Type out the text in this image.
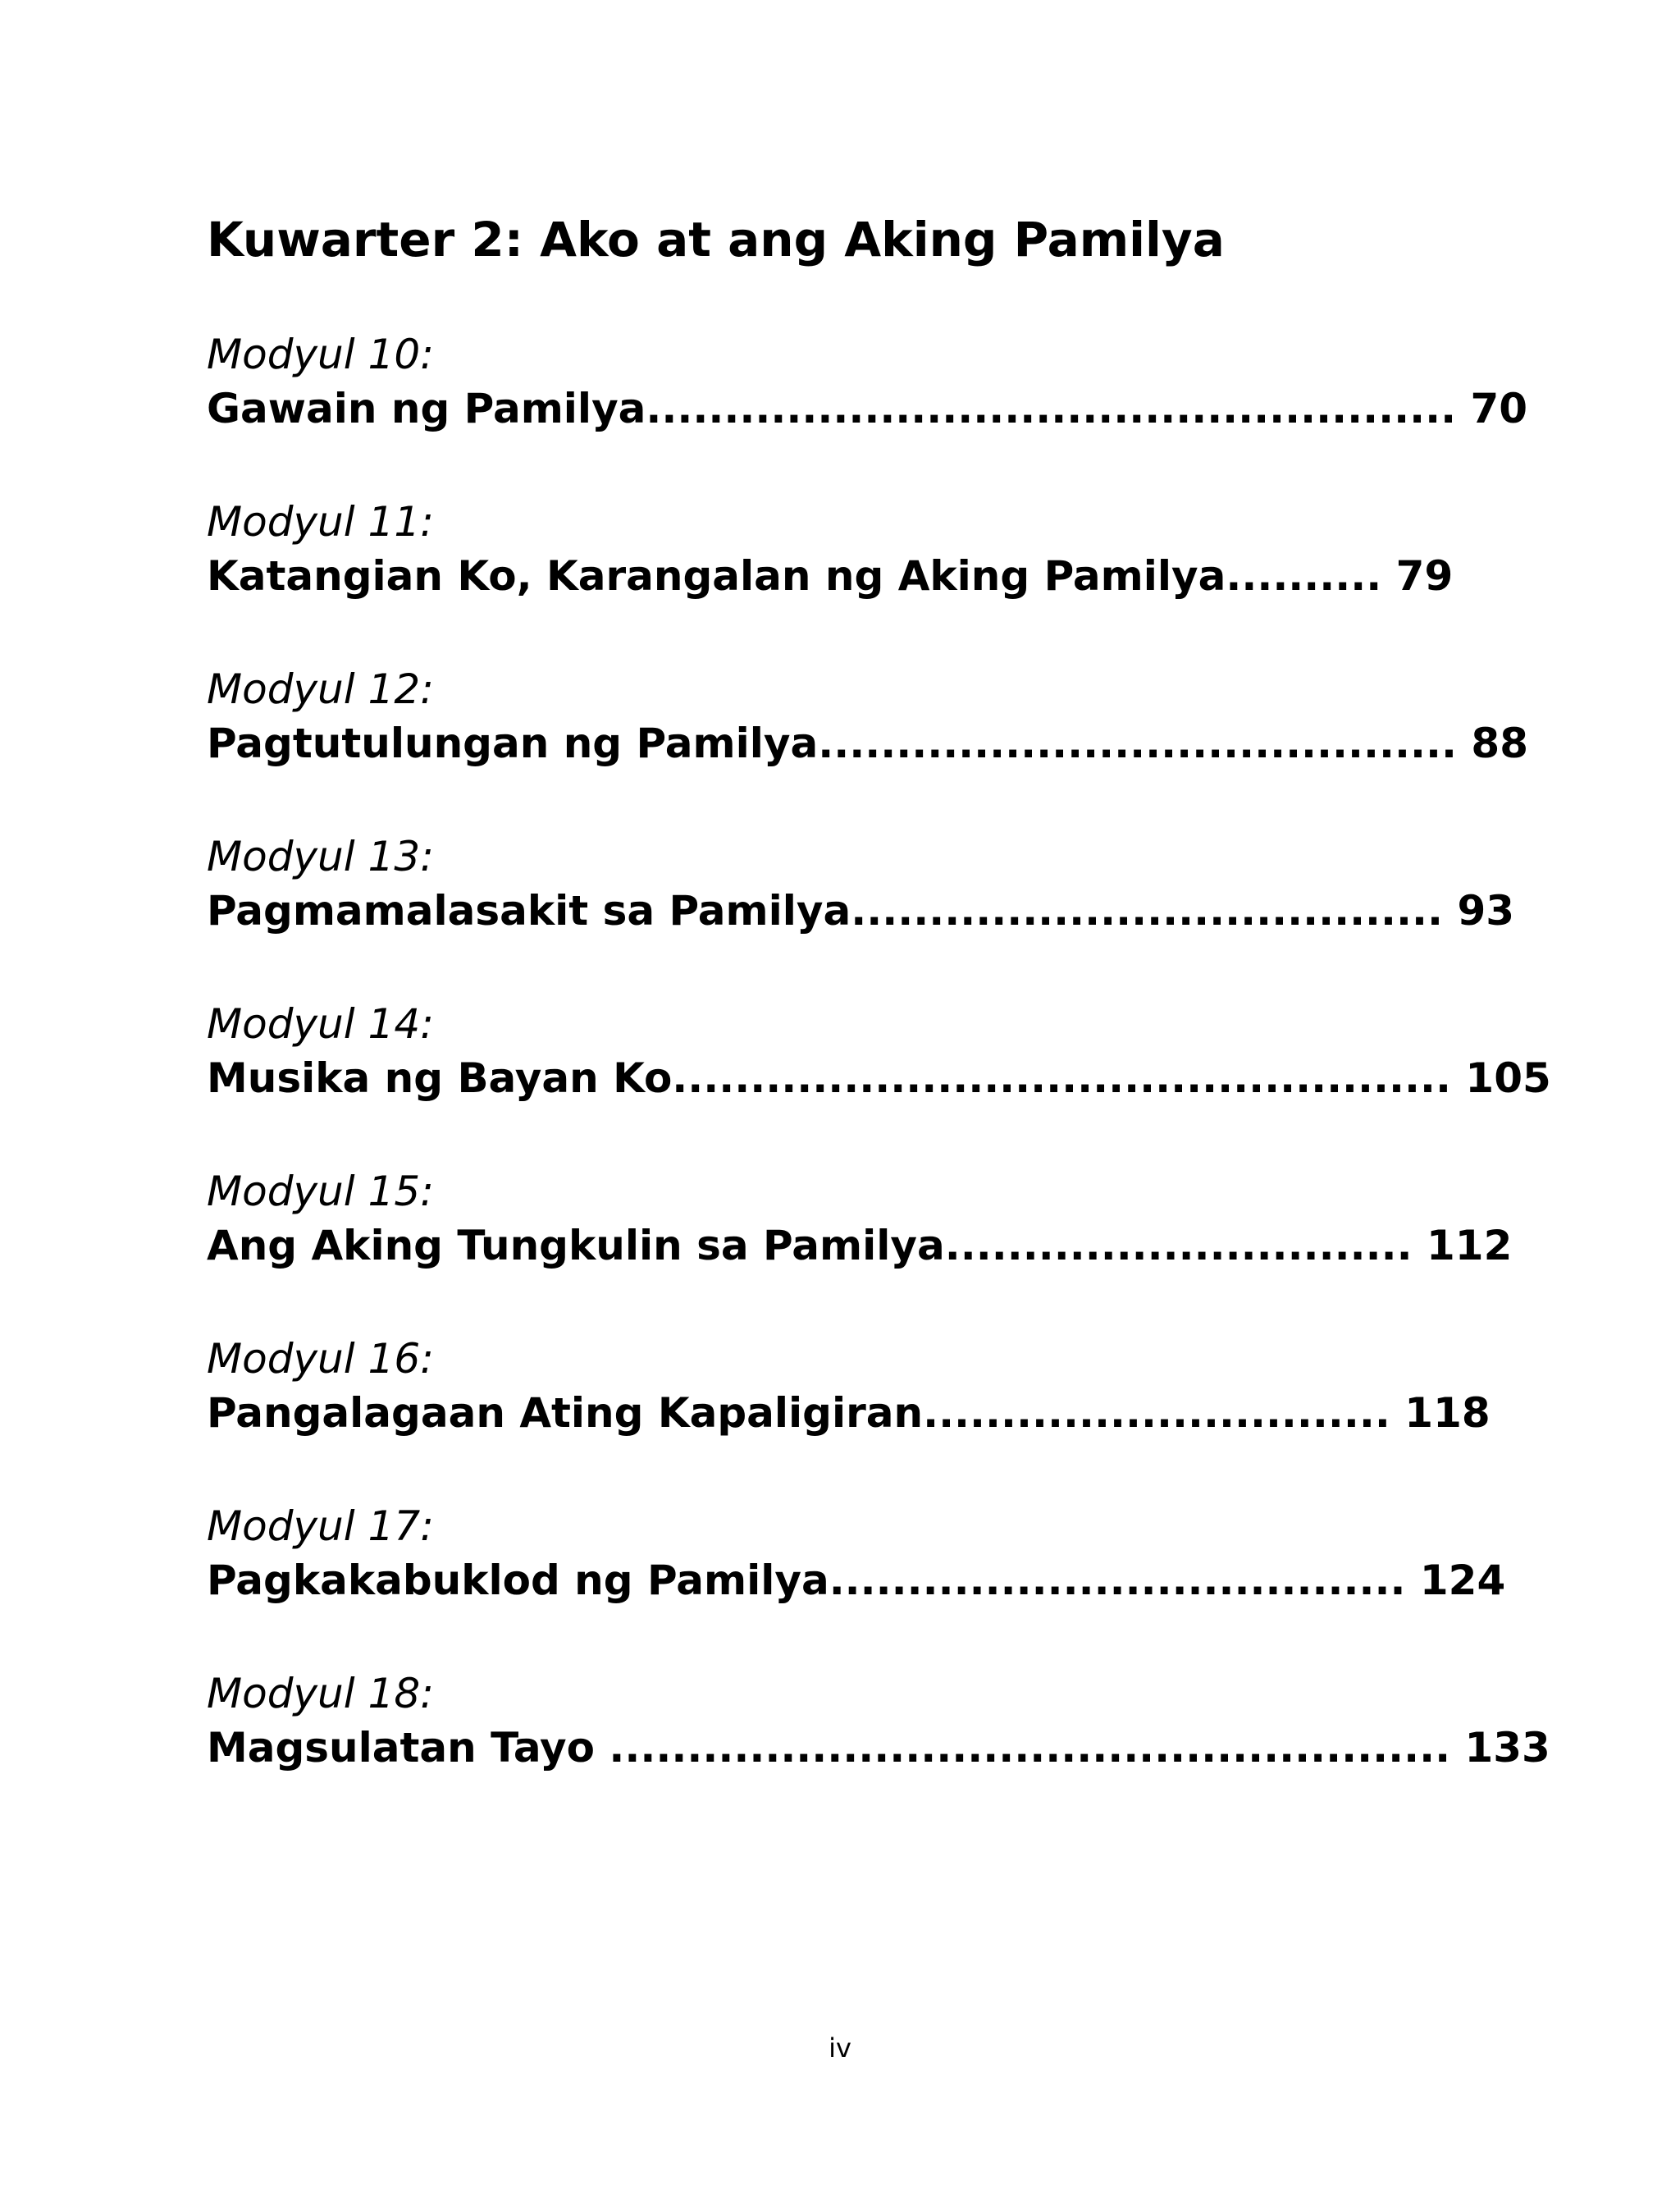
Kuwarter 2: Ako at ang Aking Pamilya
Modyul 10:
Gawain ng Pamilya.................................................... 70
Modyul 11:
Katangian Ko, Karangalan ng Aking Pamilya.......... 79
Modyul 12:
Pagtutulungan ng Pamilya......................................... 88
Modyul 13:
Pagmamalasakit sa Pamilya...................................... 93
Modyul 14:
Musika ng Bayan Ko.................................................. 105
Modyul 15:
Ang Aking Tungkulin sa Pamilya.............................. 112
Modyul 16:
Pangalagaan Ating Kapaligiran.............................. 118
Modyul 17:
Pagkakabuklod ng Pamilya..................................... 124
Modyul 18:
Magsulatan Tayo ...................................................... 133

iv
